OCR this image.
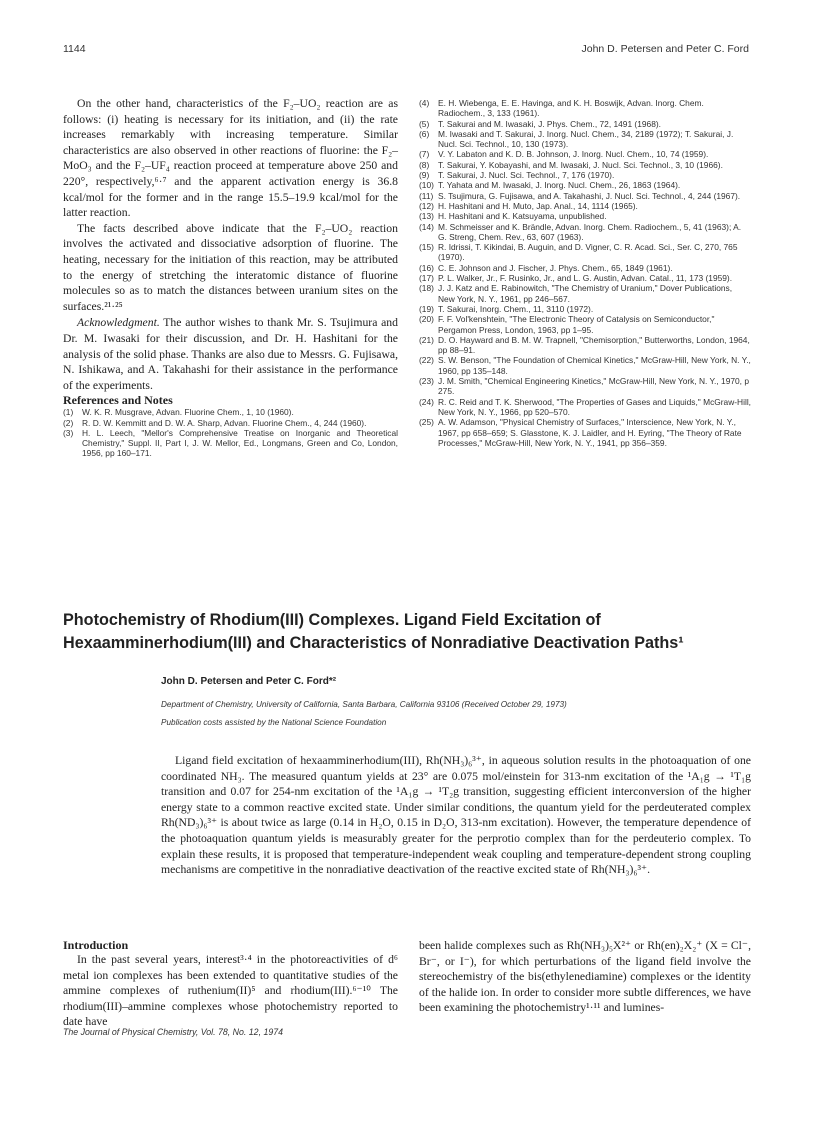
1144	John D. Petersen and Peter C. Ford

On the other hand, characteristics of the F₂–UO₂ reaction are as follows: (i) heating is necessary for its initiation, and (ii) the rate increases remarkably with increasing temperature. Similar characteristics are also observed in other reactions of fluorine: the F₂–MoO₃ and the F₂–UF₄ reaction proceed at temperature above 250 and 220°, respectively,⁶·⁷ and the apparent activation energy is 36.8 kcal/mol for the former and in the range 15.5–19.9 kcal/mol for the latter reaction.

The facts described above indicate that the F₂–UO₂ reaction involves the activated and dissociative adsorption of fluorine. The heating, necessary for the initiation of this reaction, may be attributed to the energy of stretching the interatomic distance of fluorine molecules so as to match the distances between uranium sites on the surfaces.²¹·²⁵

Acknowledgment. The author wishes to thank Mr. S. Tsujimura and Dr. M. Iwasaki for their discussion, and Dr. H. Hashitani for the analysis of the solid phase. Thanks are also due to Messrs. G. Fujisawa, N. Ishikawa, and A. Takahashi for their assistance in the performance of the experiments.

References and Notes

(1) W. K. R. Musgrave, Advan. Fluorine Chem., 1, 10 (1960).
(2) R. D. W. Kemmitt and D. W. A. Sharp, Advan. Fluorine Chem., 4, 244 (1960).
(3) H. L. Leech, "Mellor's Comprehensive Treatise on Inorganic and Theoretical Chemistry," Suppl. II, Part I, J. W. Mellor, Ed., Longmans, Green and Co, London, 1956, pp 160–171.
(4) E. H. Wiebenga, E. E. Havinga, and K. H. Boswijk, Advan. Inorg. Chem. Radiochem., 3, 133 (1961).
(5) T. Sakurai and M. Iwasaki, J. Phys. Chem., 72, 1491 (1968).
(6) M. Iwasaki and T. Sakurai, J. Inorg. Nucl. Chem., 34, 2189 (1972); T. Sakurai, J. Nucl. Sci. Technol., 10, 130 (1973).
(7) V. Y. Labaton and K. D. B. Johnson, J. Inorg. Nucl. Chem., 10, 74 (1959).
(8) T. Sakurai, Y. Kobayashi, and M. Iwasaki, J. Nucl. Sci. Technol., 3, 10 (1966).
(9) T. Sakurai, J. Nucl. Sci. Technol., 7, 176 (1970).
(10) T. Yahata and M. Iwasaki, J. Inorg. Nucl. Chem., 26, 1863 (1964).
(11) S. Tsujimura, G. Fujisawa, and A. Takahashi, J. Nucl. Sci. Technol., 4, 244 (1967).
(12) H. Hashitani and H. Muto, Jap. Anal., 14, 1114 (1965).
(13) H. Hashitani and K. Katsuyama, unpublished.
(14) M. Schmeisser and K. Brändle, Advan. Inorg. Chem. Radiochem., 5, 41 (1963); A. G. Streng, Chem. Rev., 63, 607 (1963).
(15) R. Idrissi, T. Kikindai, B. Auguin, and D. Vigner, C. R. Acad. Sci., Ser. C, 270, 765 (1970).
(16) C. E. Johnson and J. Fischer, J. Phys. Chem., 65, 1849 (1961).
(17) P. L. Walker, Jr., F. Rusinko, Jr., and L. G. Austin, Advan. Catal., 11, 173 (1959).
(18) J. J. Katz and E. Rabinowitch, "The Chemistry of Uranium," Dover Publications, New York, N. Y., 1961, pp 246–567.
(19) T. Sakurai, Inorg. Chem., 11, 3110 (1972).
(20) F. F. Vol'kenshtein, "The Electronic Theory of Catalysis on Semiconductor," Pergamon Press, London, 1963, pp 1–95.
(21) D. O. Hayward and B. M. W. Trapnell, "Chemisorption," Butterworths, London, 1964, pp 88–91.
(22) S. W. Benson, "The Foundation of Chemical Kinetics," McGraw-Hill, New York, N. Y., 1960, pp 135–148.
(23) J. M. Smith, "Chemical Engineering Kinetics," McGraw-Hill, New York, N. Y., 1970, p 275.
(24) R. C. Reid and T. K. Sherwood, "The Properties of Gases and Liquids," McGraw-Hill, New York, N. Y., 1966, pp 520–570.
(25) A. W. Adamson, "Physical Chemistry of Surfaces," Interscience, New York, N. Y., 1967, pp 658–659; S. Glasstone, K. J. Laidler, and H. Eyring, "The Theory of Rate Processes," McGraw-Hill, New York, N. Y., 1941, pp 356–359.
Photochemistry of Rhodium(III) Complexes. Ligand Field Excitation of
Hexaamminerhodium(III) and Characteristics of Nonradiative Deactivation Paths¹
John D. Petersen and Peter C. Ford*²
Department of Chemistry, University of California, Santa Barbara, California 93106 (Received October 29, 1973)
Publication costs assisted by the National Science Foundation

Ligand field excitation of hexaamminerhodium(III), Rh(NH₃)₆³⁺, in aqueous solution results in the photoaquation of one coordinated NH₃. The measured quantum yields at 23° are 0.075 mol/einstein for 313-nm excitation of the ¹A₁g → ¹T₁g transition and 0.07 for 254-nm excitation of the ¹A₁g → ¹T₂g transition, suggesting efficient interconversion of the higher energy state to a common reactive excited state. Under similar conditions, the quantum yield for the perdeuterated complex Rh(ND₃)₆³⁺ is about twice as large (0.14 in H₂O, 0.15 in D₂O, 313-nm excitation). However, the temperature dependence of the photoaquation quantum yields is measurably greater for the perprotio complex than for the perdeuterio complex. To explain these results, it is proposed that temperature-independent weak coupling and temperature-dependent strong coupling mechanisms are competitive in the nonradiative deactivation of the reactive excited state of Rh(NH₃)₆³⁺.

Introduction

In the past several years, interest³·⁴ in the photoreactivities of d⁶ metal ion complexes has been extended to quantitative studies of the ammine complexes of ruthenium(II)⁵ and rhodium(III).⁶⁻¹⁰ The rhodium(III)–ammine complexes whose photochemistry reported to date have

been halide complexes such as Rh(NH₃)₅X²⁺ or Rh(en)₂X₂⁺ (X = Cl⁻, Br⁻, or I⁻), for which perturbations of the ligand field involve the stereochemistry of the bis(ethylenediamine) complexes or the identity of the halide ion. In order to consider more subtle differences, we have been examining the photochemistry¹·¹¹ and lumines-

The Journal of Physical Chemistry, Vol. 78, No. 12, 1974
